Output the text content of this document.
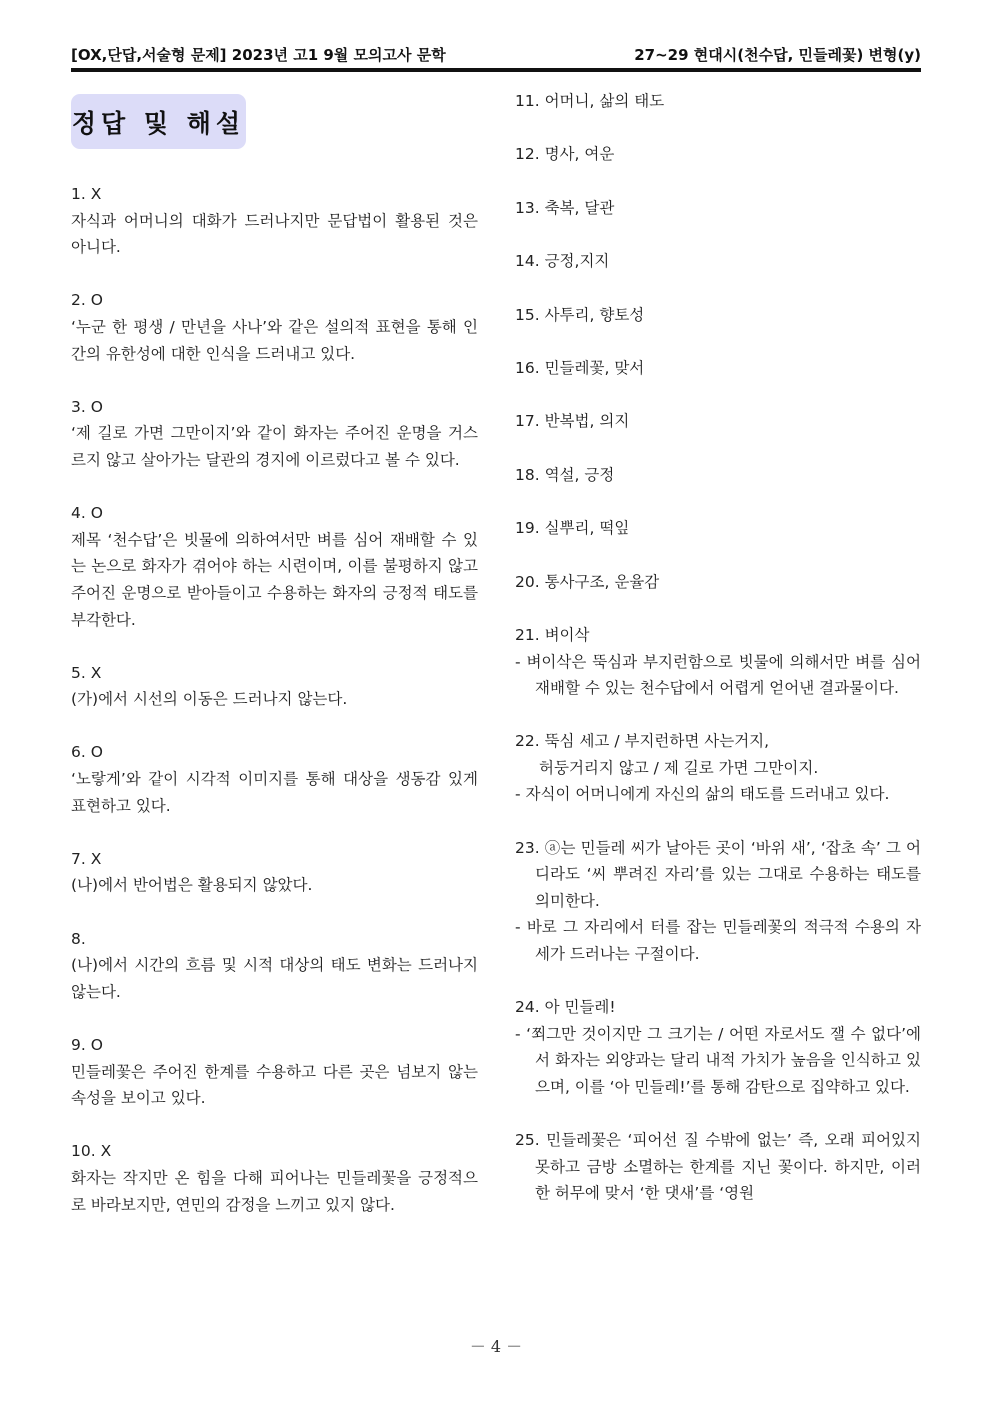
[OX,단답,서술형 문제] 2023년 고1 9월 모의고사 문학	27~29 현대시(천수답, 민들레꽃) 변형(y)
정답 및 해설
1. X
자식과 어머니의 대화가 드러나지만 문답법이 활용된 것은 아니다.
2. O
‘누군 한 평생 / 만년을 사나’와 같은 설의적 표현을 통해 인간의 유한성에 대한 인식을 드러내고 있다.
3. O
‘제 길로 가면 그만이지’와 같이 화자는 주어진 운명을 거스르지 않고 살아가는 달관의 경지에 이르렀다고 볼 수 있다.
4. O
제목 ‘천수답’은 빗물에 의하여서만 벼를 심어 재배할 수 있는 논으로 화자가 겪어야 하는 시련이며, 이를 불평하지 않고 주어진 운명으로 받아들이고 수용하는 화자의 긍정적 태도를 부각한다.
5. X
(가)에서 시선의 이동은 드러나지 않는다.
6. O
‘노랗게’와 같이 시각적 이미지를 통해 대상을 생동감 있게 표현하고 있다.
7. X
(나)에서 반어법은 활용되지 않았다.
8.
(나)에서 시간의 흐름 및 시적 대상의 태도 변화는 드러나지 않는다.
9. O
민들레꽃은 주어진 한계를 수용하고 다른 곳은 넘보지 않는 속성을 보이고 있다.
10. X
화자는 작지만 온 힘을 다해 피어나는 민들레꽃을 긍정적으로 바라보지만, 연민의 감정을 느끼고 있지 않다.
11. 어머니, 삶의 태도
12. 명사, 여운
13. 축복, 달관
14. 긍정,지지
15. 사투리, 향토성
16. 민들레꽃, 맞서
17. 반복법, 의지
18. 역설, 긍정
19. 실뿌리, 떡잎
20. 통사구조, 운율감
21. 벼이삭
- 벼이삭은 뚝심과 부지런함으로 빗물에 의해서만 벼를 심어 재배할 수 있는 천수답에서 어렵게 얻어낸 결과물이다.
22. 뚝심 세고 / 부지런하면 사는거지,
허둥거리지 않고 / 제 길로 가면 그만이지.
- 자식이 어머니에게 자신의 삶의 태도를 드러내고 있다.
23. ⓐ는 민들레 씨가 날아든 곳이 ‘바위 새’, ‘잡초 속’ 그 어디라도 ‘씨 뿌려진 자리’를 있는 그대로 수용하는 태도를 의미한다.
- 바로 그 자리에서 터를 잡는 민들레꽃의 적극적 수용의 자세가 드러나는 구절이다.
24. 아 민들레!
- ‘쬐그만 것이지만 그 크기는 / 어떤 자로서도 잴 수 없다’에서 화자는 외양과는 달리 내적 가치가 높음을 인식하고 있으며, 이를 ‘아 민들레!’를 통해 감탄으로 집약하고 있다.
25. 민들레꽃은 ‘피어선 질 수밖에 없는’ 즉, 오래 피어있지 못하고 금방 소멸하는 한계를 지닌 꽃이다. 하지만, 이러한 허무에 맞서 ‘한 댓새’를 ‘영원
－ 4 －
